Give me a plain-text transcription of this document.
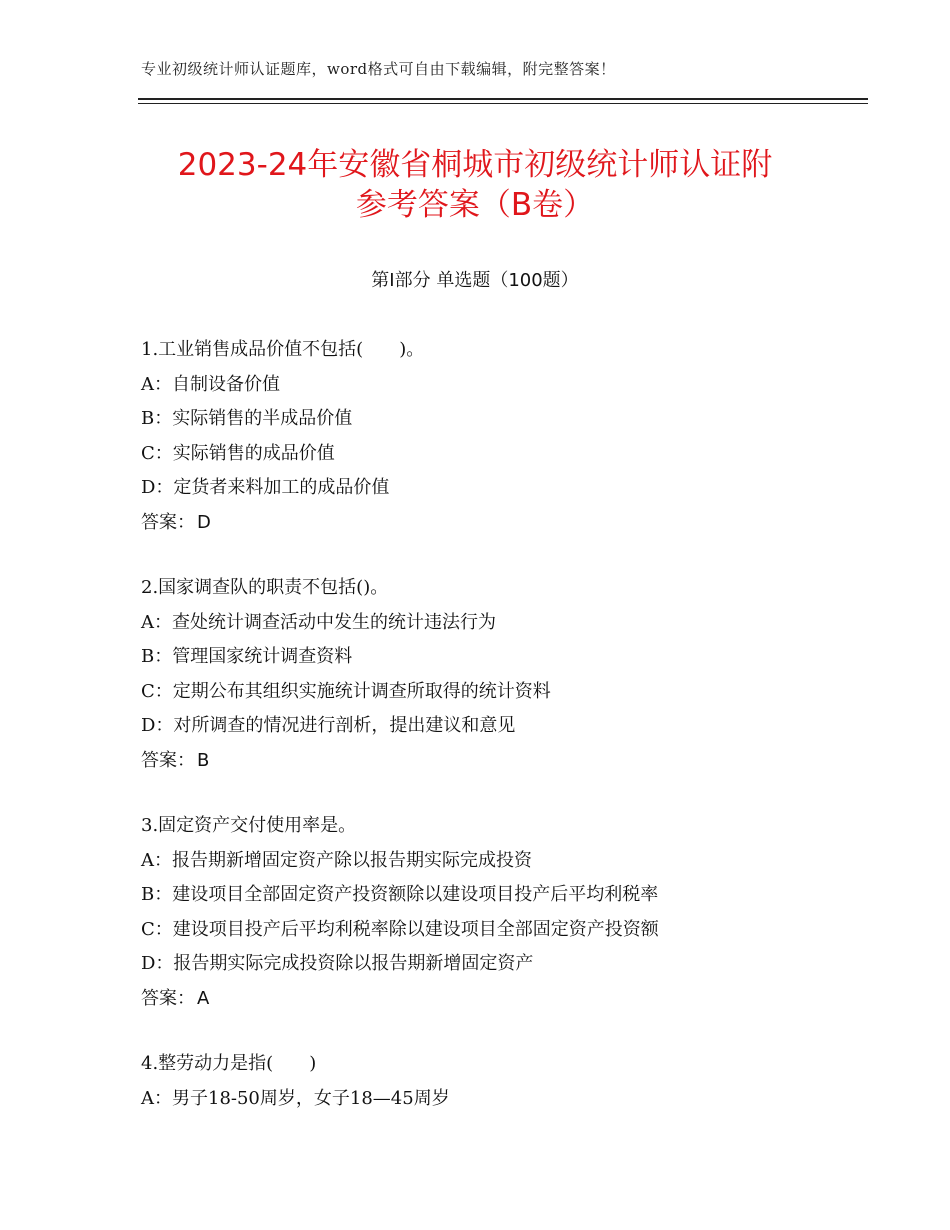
专业初级统计师认证题库，word格式可自由下载编辑，附完整答案！
2023-24年安徽省桐城市初级统计师认证附
参考答案（B卷）
第Ⅰ部分 单选题（100题）
1.工业销售成品价值不包括(　　)。
A：自制设备价值
B：实际销售的半成品价值
C：实际销售的成品价值
D：定货者来料加工的成品价值
答案： D
2.国家调查队的职责不包括()。
A：查处统计调查活动中发生的统计违法行为
B：管理国家统计调查资料
C：定期公布其组织实施统计调查所取得的统计资料
D：对所调查的情况进行剖析，提出建议和意见
答案： B
3.固定资产交付使用率是。
A：报告期新增固定资产除以报告期实际完成投资
B：建设项目全部固定资产投资额除以建设项目投产后平均利税率
C：建设项目投产后平均利税率除以建设项目全部固定资产投资额
D：报告期实际完成投资除以报告期新增固定资产
答案： A
4.整劳动力是指(　　)
A：男子18-50周岁，女子18—45周岁
